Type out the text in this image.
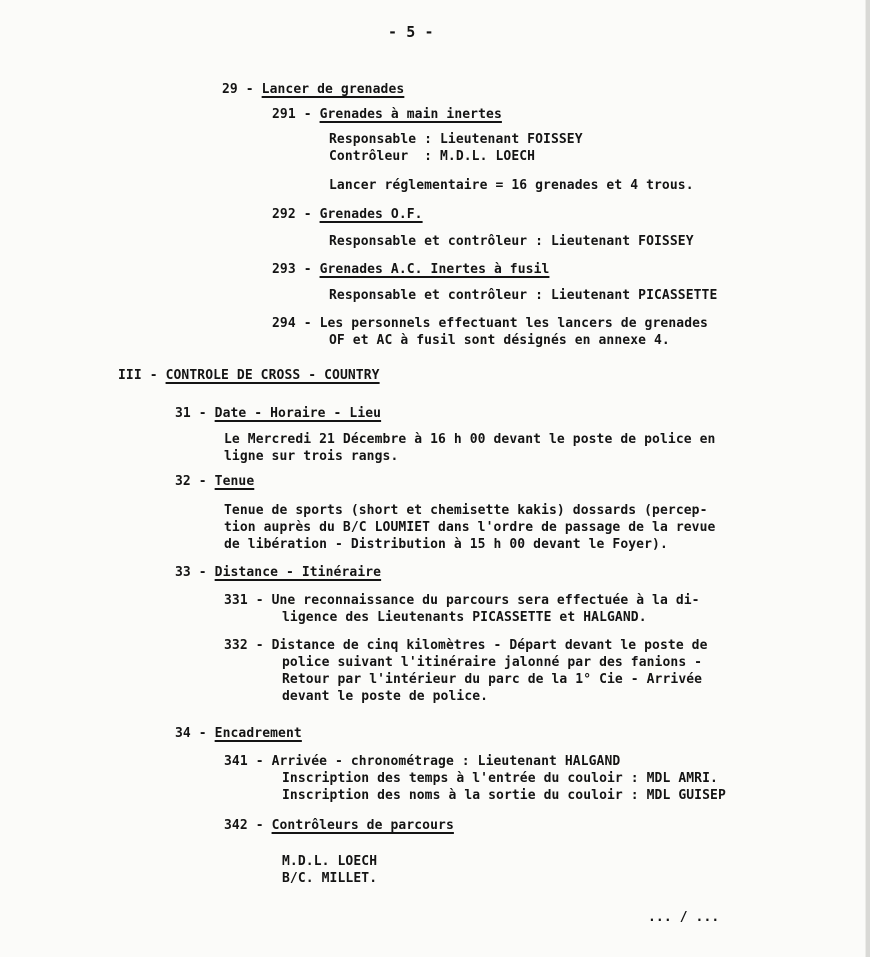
- 5 -
29 - Lancer de grenades
291 - Grenades à main inertes
Responsable : Lieutenant FOISSEY
Contrôleur  : M.D.L. LOECH
Lancer réglementaire = 16 grenades et 4 trous.
292 - Grenades O.F.
Responsable et contrôleur : Lieutenant FOISSEY
293 - Grenades A.C. Inertes à fusil
Responsable et contrôleur : Lieutenant PICASSETTE
294 - Les personnels effectuant les lancers de grenades
OF et AC à fusil sont désignés en annexe 4.
III - CONTROLE DE CROSS - COUNTRY
31 - Date - Horaire - Lieu
Le Mercredi 21 Décembre à 16 h 00 devant le poste de police en
ligne sur trois rangs.
32 - Tenue
Tenue de sports (short et chemisette kakis) dossards (percep-
tion auprès du B/C LOUMIET dans l'ordre de passage de la revue
de libération - Distribution à 15 h 00 devant le Foyer).
33 - Distance - Itinéraire
331 - Une reconnaissance du parcours sera effectuée à la di-
ligence des Lieutenants PICASSETTE et HALGAND.
332 - Distance de cinq kilomètres - Départ devant le poste de
police suivant l'itinéraire jalonné par des fanions -
Retour par l'intérieur du parc de la 1° Cie - Arrivée
devant le poste de police.
34 - Encadrement
341 - Arrivée - chronométrage : Lieutenant HALGAND
Inscription des temps à l'entrée du couloir : MDL AMRI.
Inscription des noms à la sortie du couloir : MDL GUISEP
342 - Contrôleurs de parcours
M.D.L. LOECH
B/C. MILLET.
... / ...
